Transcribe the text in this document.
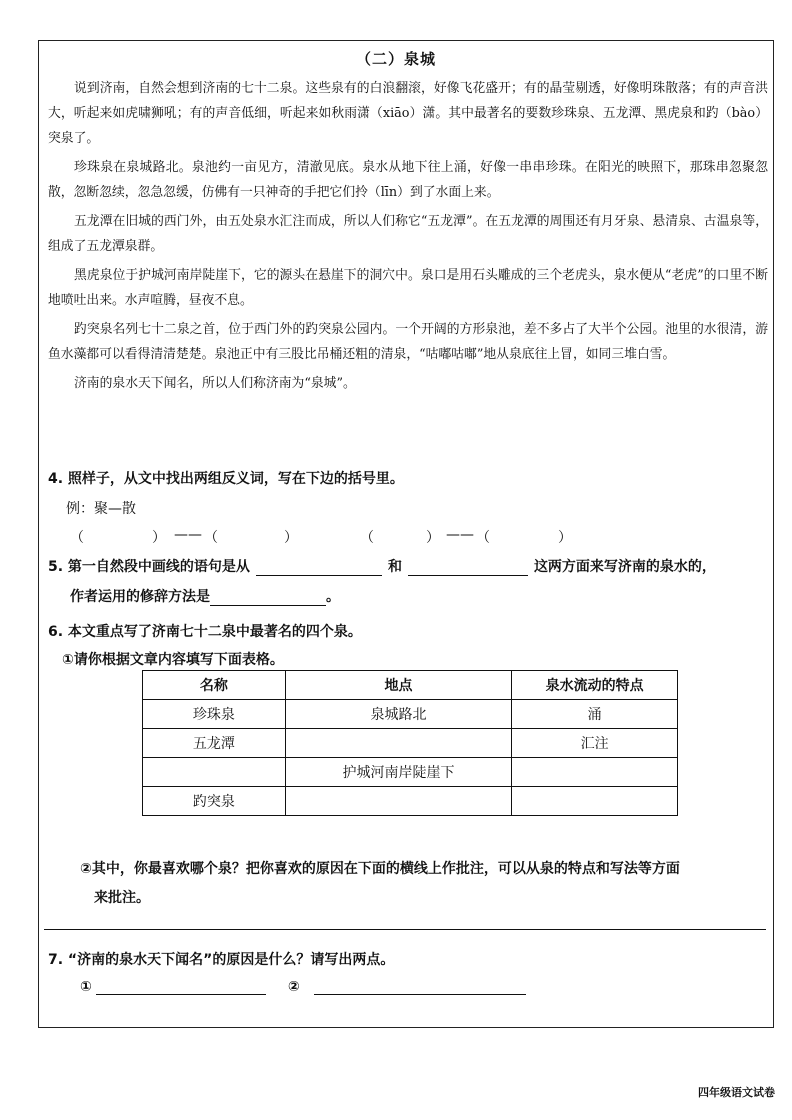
（二）泉城

说到济南，自然会想到济南的七十二泉。这些泉有的白浪翻滚，好像飞花盛开；有的晶莹剔透，好像明珠散落；有的声音洪大，听起来如虎啸狮吼；有的声音低细，听起来如秋雨潇（xiāo）潇。其中最著名的要数珍珠泉、五龙潭、黑虎泉和趵（bào）突泉了。

珍珠泉在泉城路北。泉池约一亩见方，清澈见底。泉水从地下往上涌，好像一串串珍珠。在阳光的映照下，那珠串忽聚忽散，忽断忽续，忽急忽缓，仿佛有一只神奇的手把它们拎（līn）到了水面上来。

五龙潭在旧城的西门外，由五处泉水汇注而成，所以人们称它“五龙潭”。在五龙潭的周围还有月牙泉、悬清泉、古温泉等，组成了五龙潭泉群。

黑虎泉位于护城河南岸陡崖下，它的源头在悬崖下的洞穴中。泉口是用石头雕成的三个老虎头，泉水便从“老虎”的口里不断地喷吐出来。水声喧腾，昼夜不息。

趵突泉名列七十二泉之首，位于西门外的趵突泉公园内。一个开阔的方形泉池，差不多占了大半个公园。池里的水很清，游鱼水藻都可以看得清清楚楚。泉池正中有三股比吊桶还粗的清泉，“咕嘟咕嘟”地从泉底往上冒，如同三堆白雪。

济南的泉水天下闻名，所以人们称济南为“泉城”。

4. 照样子，从文中找出两组反义词，写在下边的括号里。
例：聚—散
（	） —— （	）	（	） —— （	）
5. 第一自然段中画线的语句是从	和	这两方面来写济南的泉水的，
作者运用的修辞方法是	。
6. 本文重点写了济南七十二泉中最著名的四个泉。
①请你根据文章内容填写下面表格。
名称	地点	泉水流动的特点
珍珠泉	泉城路北	涌
五龙潭		汇注
	护城河南岸陡崖下	
趵突泉		
②其中，你最喜欢哪个泉？把你喜欢的原因在下面的横线上作批注，可以从泉的特点和写法等方面
来批注。
7. “济南的泉水天下闻名”的原因是什么？请写出两点。
①	②
四年级语文试卷
